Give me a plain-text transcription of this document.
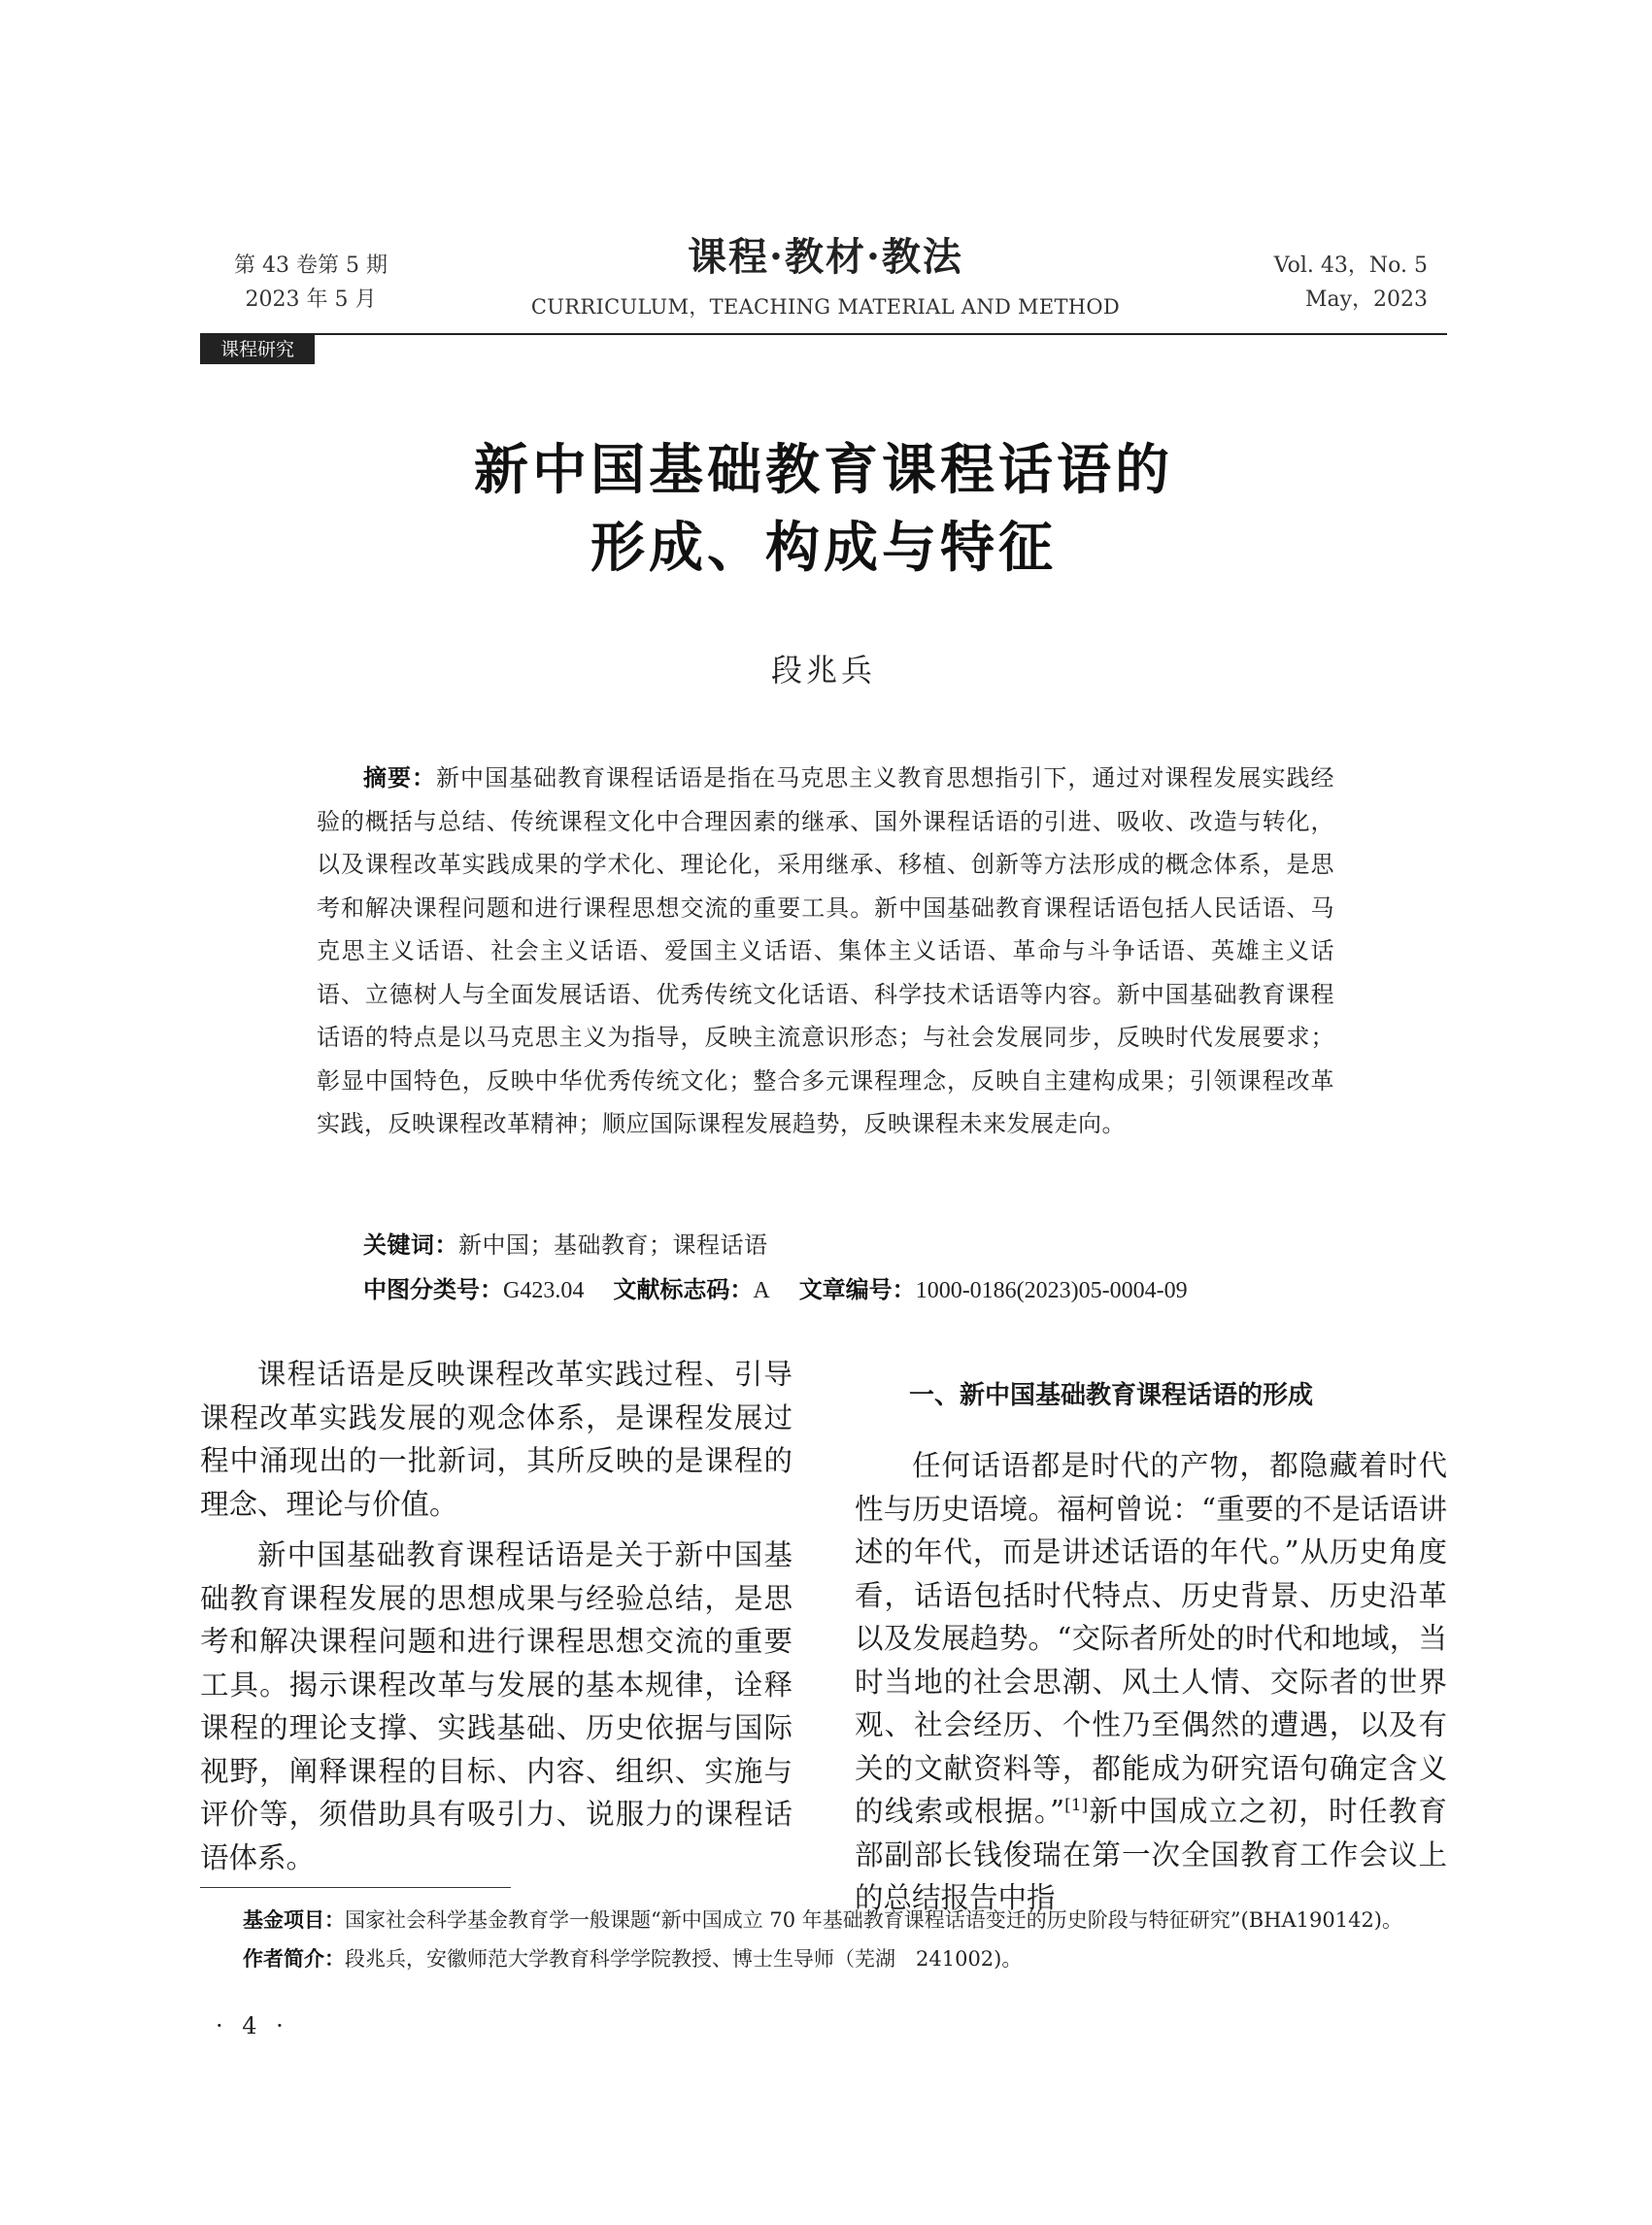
第 43 卷第 5 期
2023 年 5 月
课程·教材·教法
CURRICULUM，TEACHING MATERIAL AND METHOD
Vol. 43，No. 5
May，2023
课程研究
新中国基础教育课程话语的
形成、构成与特征
段兆兵

摘要：新中国基础教育课程话语是指在马克思主义教育思想指引下，通过对课程发展实践经验的概括与总结、传统课程文化中合理因素的继承、国外课程话语的引进、吸收、改造与转化，以及课程改革实践成果的学术化、理论化，采用继承、移植、创新等方法形成的概念体系，是思考和解决课程问题和进行课程思想交流的重要工具。新中国基础教育课程话语包括人民话语、马克思主义话语、社会主义话语、爱国主义话语、集体主义话语、革命与斗争话语、英雄主义话语、立德树人与全面发展话语、优秀传统文化话语、科学技术话语等内容。新中国基础教育课程话语的特点是以马克思主义为指导，反映主流意识形态；与社会发展同步，反映时代发展要求；彰显中国特色，反映中华优秀传统文化；整合多元课程理念，反映自主建构成果；引领课程改革实践，反映课程改革精神；顺应国际课程发展趋势，反映课程未来发展走向。

关键词：新中国；基础教育；课程话语
中图分类号：G423.04 文献标志码：A 文章编号：1000-0186(2023)05-0004-09

课程话语是反映课程改革实践过程、引导课程改革实践发展的观念体系，是课程发展过程中涌现出的一批新词，其所反映的是课程的理念、理论与价值。

新中国基础教育课程话语是关于新中国基础教育课程发展的思想成果与经验总结，是思考和解决课程问题和进行课程思想交流的重要工具。揭示课程改革与发展的基本规律，诠释课程的理论支撑、实践基础、历史依据与国际视野，阐释课程的目标、内容、组织、实施与评价等，须借助具有吸引力、说服力的课程话语体系。

一、新中国基础教育课程话语的形成

任何话语都是时代的产物，都隐藏着时代性与历史语境。福柯曾说：“重要的不是话语讲述的年代，而是讲述话语的年代。”从历史角度看，话语包括时代特点、历史背景、历史沿革以及发展趋势。“交际者所处的时代和地域，当时当地的社会思潮、风土人情、交际者的世界观、社会经历、个性乃至偶然的遭遇，以及有关的文献资料等，都能成为研究语句确定含义的线索或根据。”[1]新中国成立之初，时任教育部副部长钱俊瑞在第一次全国教育工作会议上的总结报告中指

基金项目：国家社会科学基金教育学一般课题“新中国成立 70 年基础教育课程话语变迁的历史阶段与特征研究”(BHA190142)。
作者简介：段兆兵，安徽师范大学教育科学学院教授、博士生导师（芜湖　241002)。
· 4 ·
